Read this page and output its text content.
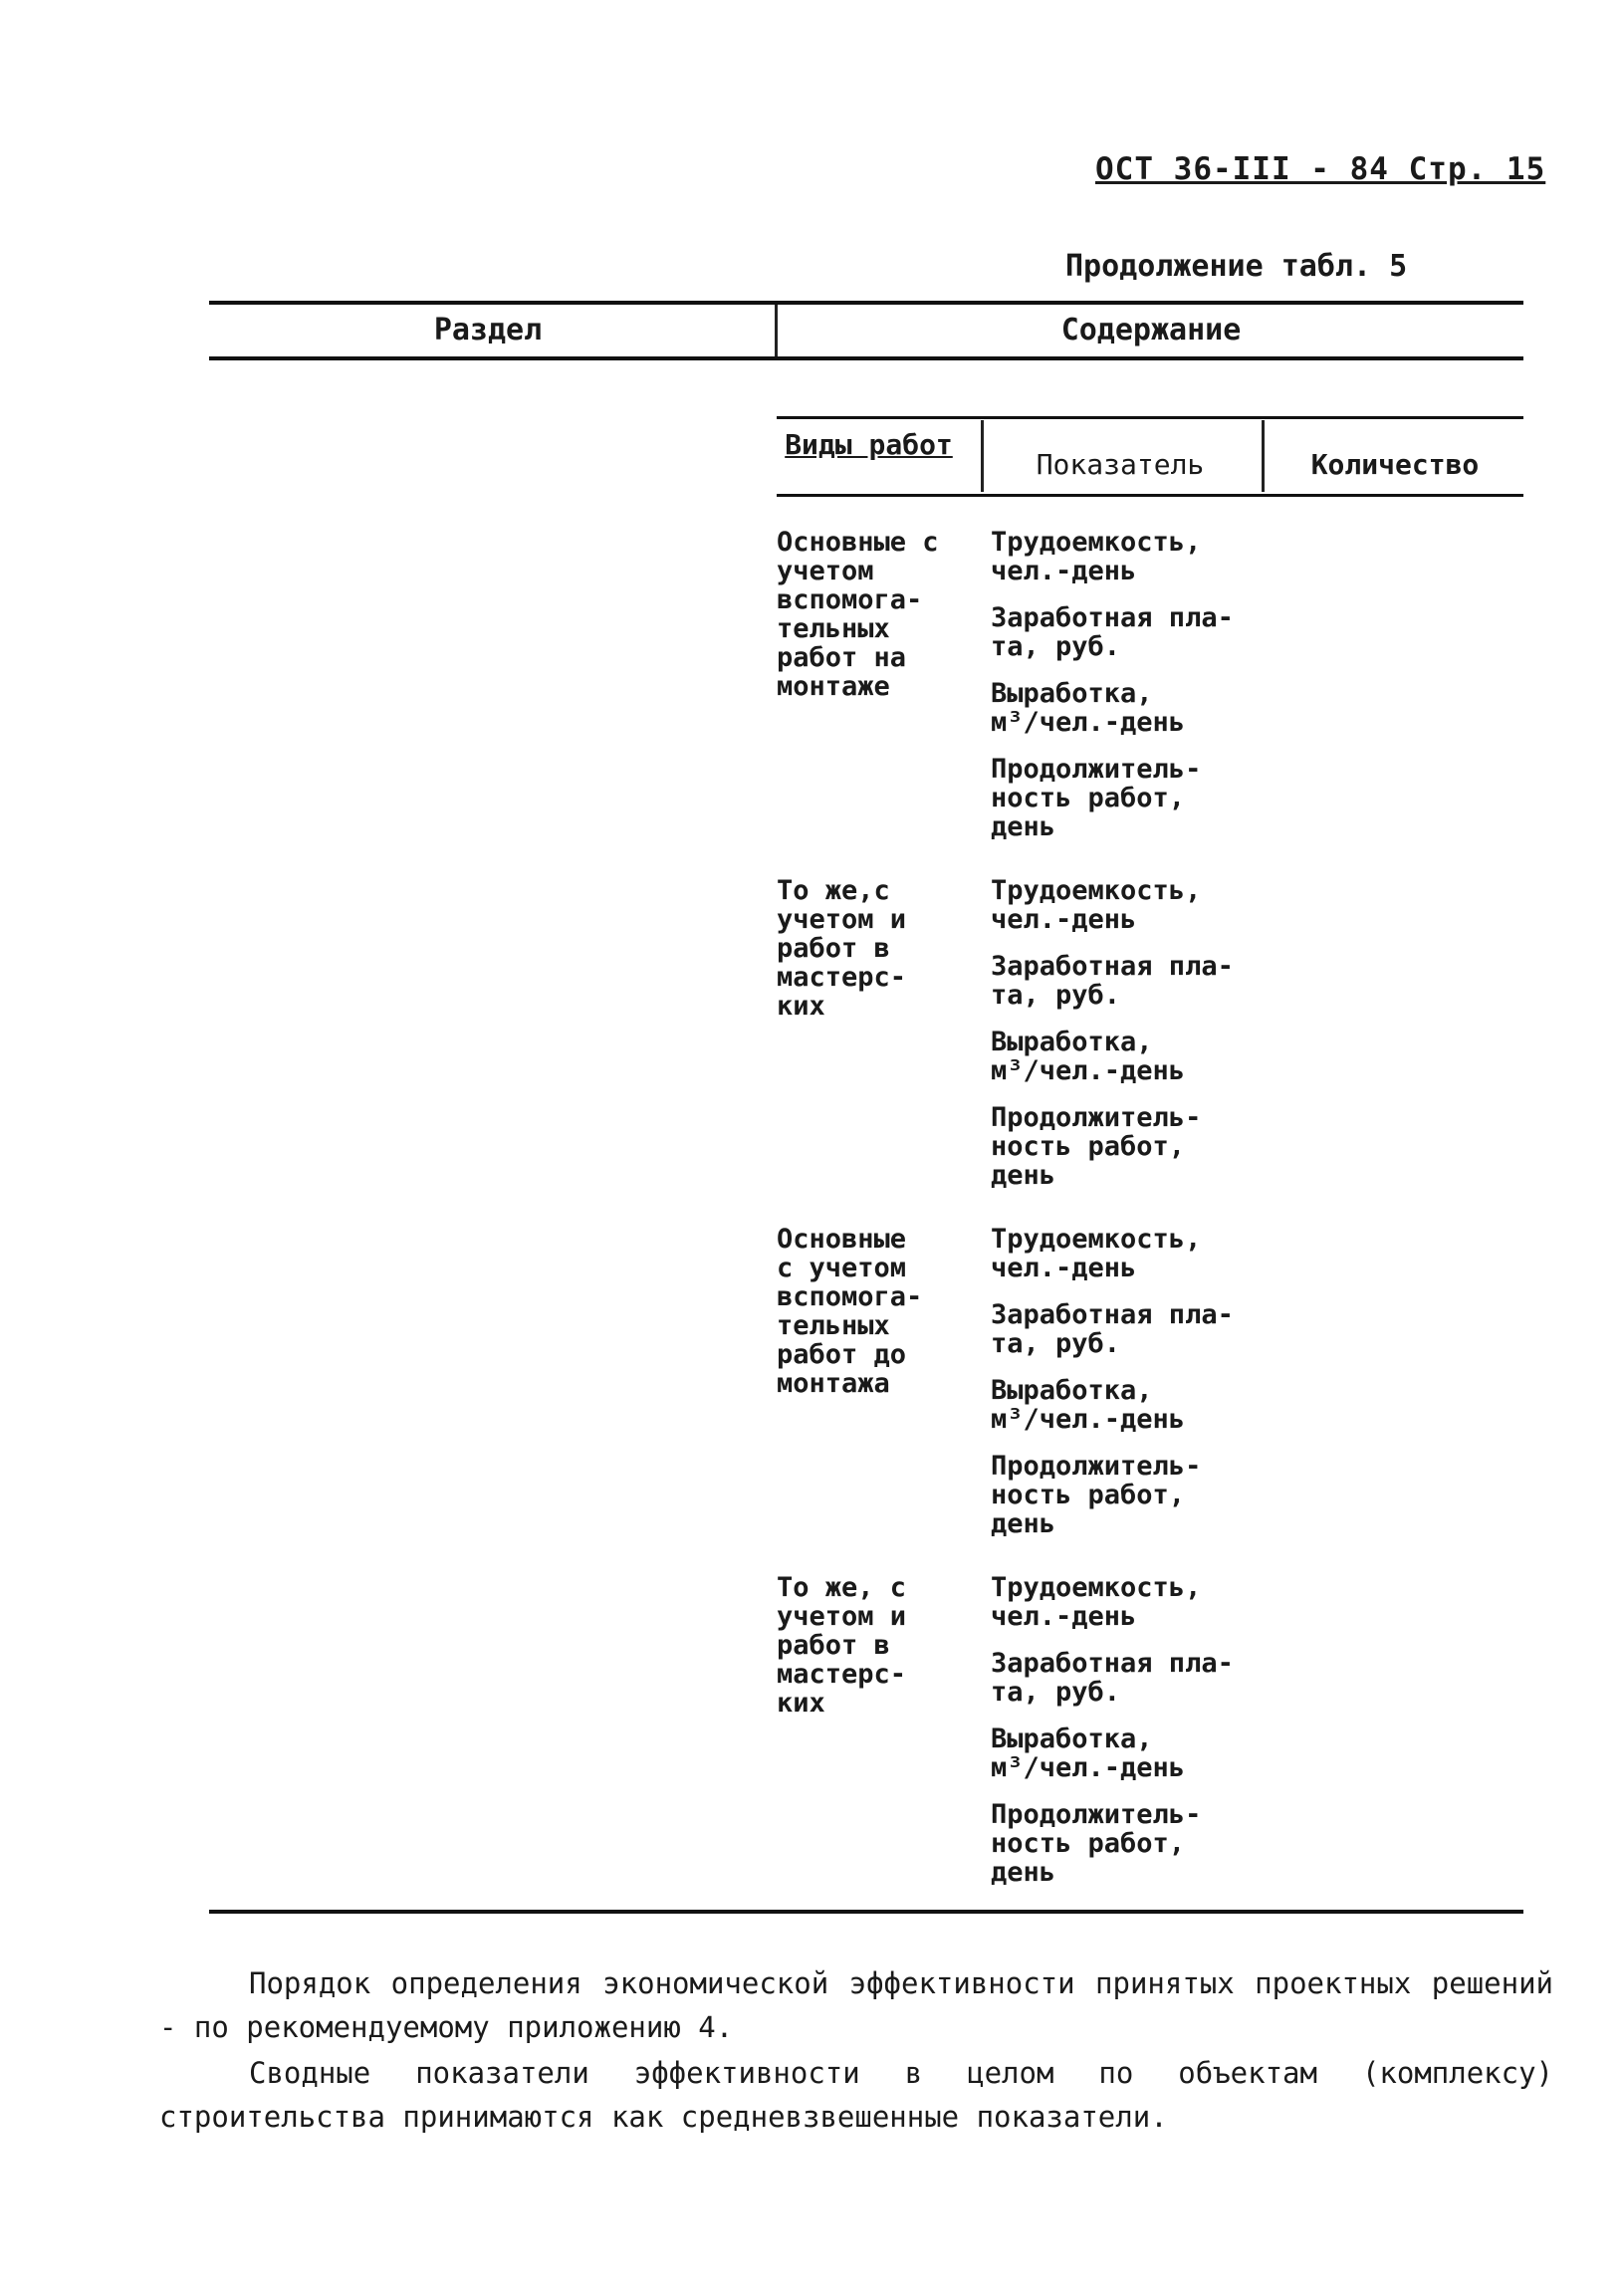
ОСТ 36-III - 84 Стр. 15

Продолжение табл. 5

Раздел	Содержание
Виды работ
Показатель	Количество
Основные с
учетом
вспомога-
тельных
работ на
монтаже
Трудоемкость,
чел.-день
Заработная пла-
та, руб.
Выработка,
м³/чел.-день
Продолжитель-
ность работ,
день
То же,с
учетом и
работ в
мастерс-
ких
Трудоемкость,
чел.-день
Заработная пла-
та, руб.
Выработка,
м³/чел.-день
Продолжитель-
ность работ,
день
Основные
с учетом
вспомога-
тельных
работ до
монтажа
Трудоемкость,
чел.-день
Заработная пла-
та, руб.
Выработка,
м³/чел.-день
Продолжитель-
ность работ,
день
То же, с
учетом и
работ в
мастерс-
ких
Трудоемкость,
чел.-день
Заработная пла-
та, руб.
Выработка,
м³/чел.-день
Продолжитель-
ность работ,
день

Порядок определения экономической эффективности принятых проектных решений - по рекомендуемому приложению 4.

Сводные показатели эффективности в целом по объектам (комплексу) строительства принимаются как средневзвешенные показатели.
